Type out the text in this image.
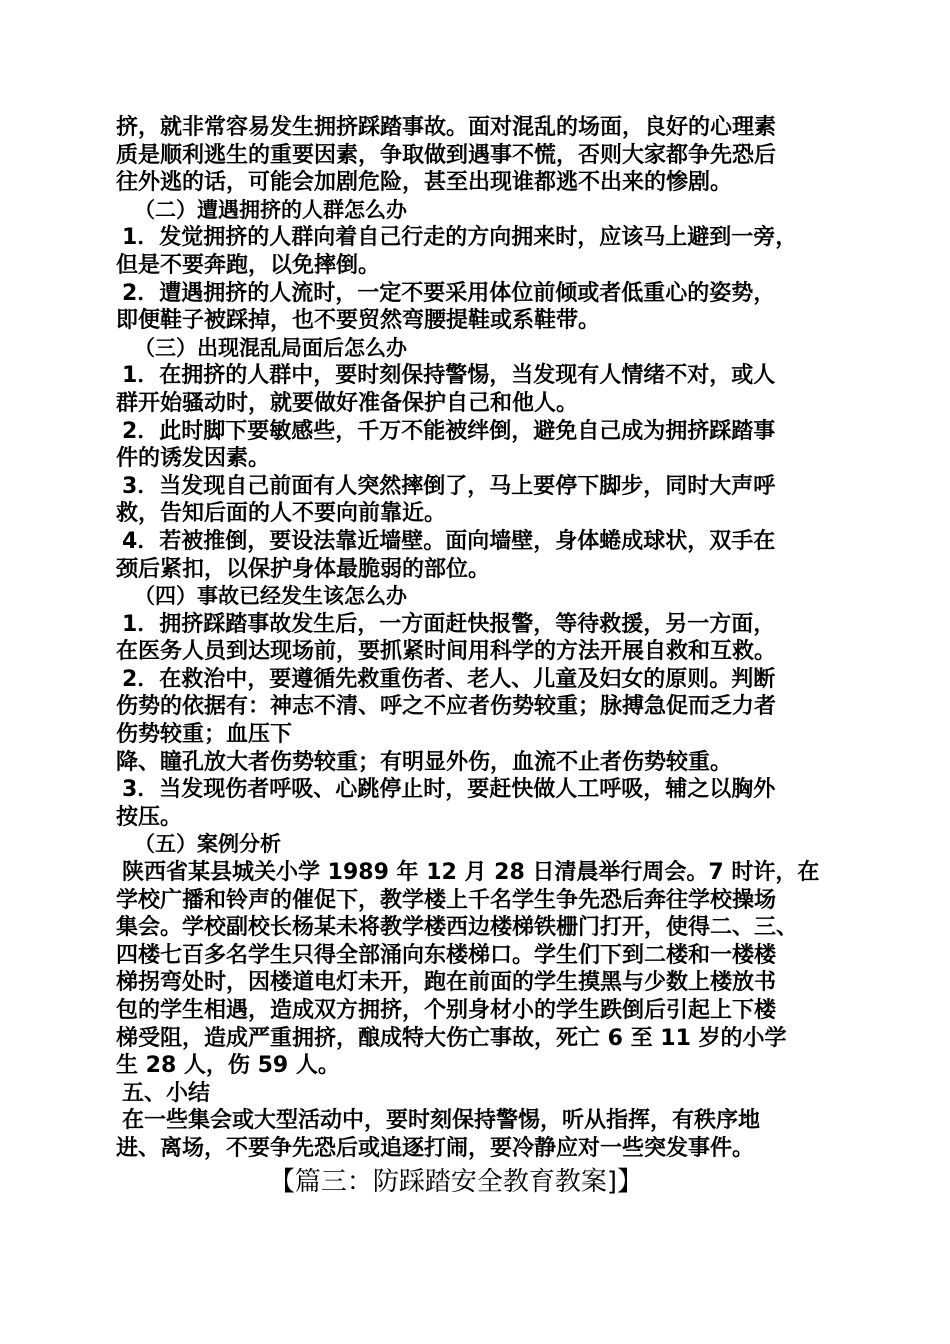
挤，就非常容易发生拥挤踩踏事故。面对混乱的场面，良好的心理素
质是顺利逃生的重要因素，争取做到遇事不慌，否则大家都争先恐后
往外逃的话，可能会加剧危险，甚至出现谁都逃不出来的惨剧。
（二）遭遇拥挤的人群怎么办
1．发觉拥挤的人群向着自己行走的方向拥来时，应该马上避到一旁，
但是不要奔跑，以免摔倒。
2．遭遇拥挤的人流时，一定不要采用体位前倾或者低重心的姿势，
即便鞋子被踩掉，也不要贸然弯腰提鞋或系鞋带。
（三）出现混乱局面后怎么办
1．在拥挤的人群中，要时刻保持警惕，当发现有人情绪不对，或人
群开始骚动时，就要做好准备保护自己和他人。
2．此时脚下要敏感些，千万不能被绊倒，避免自己成为拥挤踩踏事
件的诱发因素。
3．当发现自己前面有人突然摔倒了，马上要停下脚步，同时大声呼
救，告知后面的人不要向前靠近。
4．若被推倒，要设法靠近墙壁。面向墙壁，身体蜷成球状，双手在
颈后紧扣，以保护身体最脆弱的部位。
（四）事故已经发生该怎么办
1．拥挤踩踏事故发生后，一方面赶快报警，等待救援，另一方面，
在医务人员到达现场前，要抓紧时间用科学的方法开展自救和互救。
2．在救治中，要遵循先救重伤者、老人、儿童及妇女的原则。判断
伤势的依据有：神志不清、呼之不应者伤势较重；脉搏急促而乏力者
伤势较重；血压下
降、瞳孔放大者伤势较重；有明显外伤，血流不止者伤势较重。
3．当发现伤者呼吸、心跳停止时，要赶快做人工呼吸，辅之以胸外
按压。
（五）案例分析
陕西省某县城关小学 1989 年 12 月 28 日清晨举行周会。7 时许，在
学校广播和铃声的催促下，教学楼上千名学生争先恐后奔往学校操场
集会。学校副校长杨某未将教学楼西边楼梯铁栅门打开，使得二、三、
四楼七百多名学生只得全部涌向东楼梯口。学生们下到二楼和一楼楼
梯拐弯处时，因楼道电灯未开，跑在前面的学生摸黑与少数上楼放书
包的学生相遇，造成双方拥挤，个别身材小的学生跌倒后引起上下楼
梯受阻，造成严重拥挤，酿成特大伤亡事故，死亡 6 至 11 岁的小学
生 28 人，伤 59 人。
五、小结
在一些集会或大型活动中，要时刻保持警惕，听从指挥，有秩序地
进、离场，不要争先恐后或追逐打闹，要冷静应对一些突发事件。
【篇三：防踩踏安全教育教案]】
